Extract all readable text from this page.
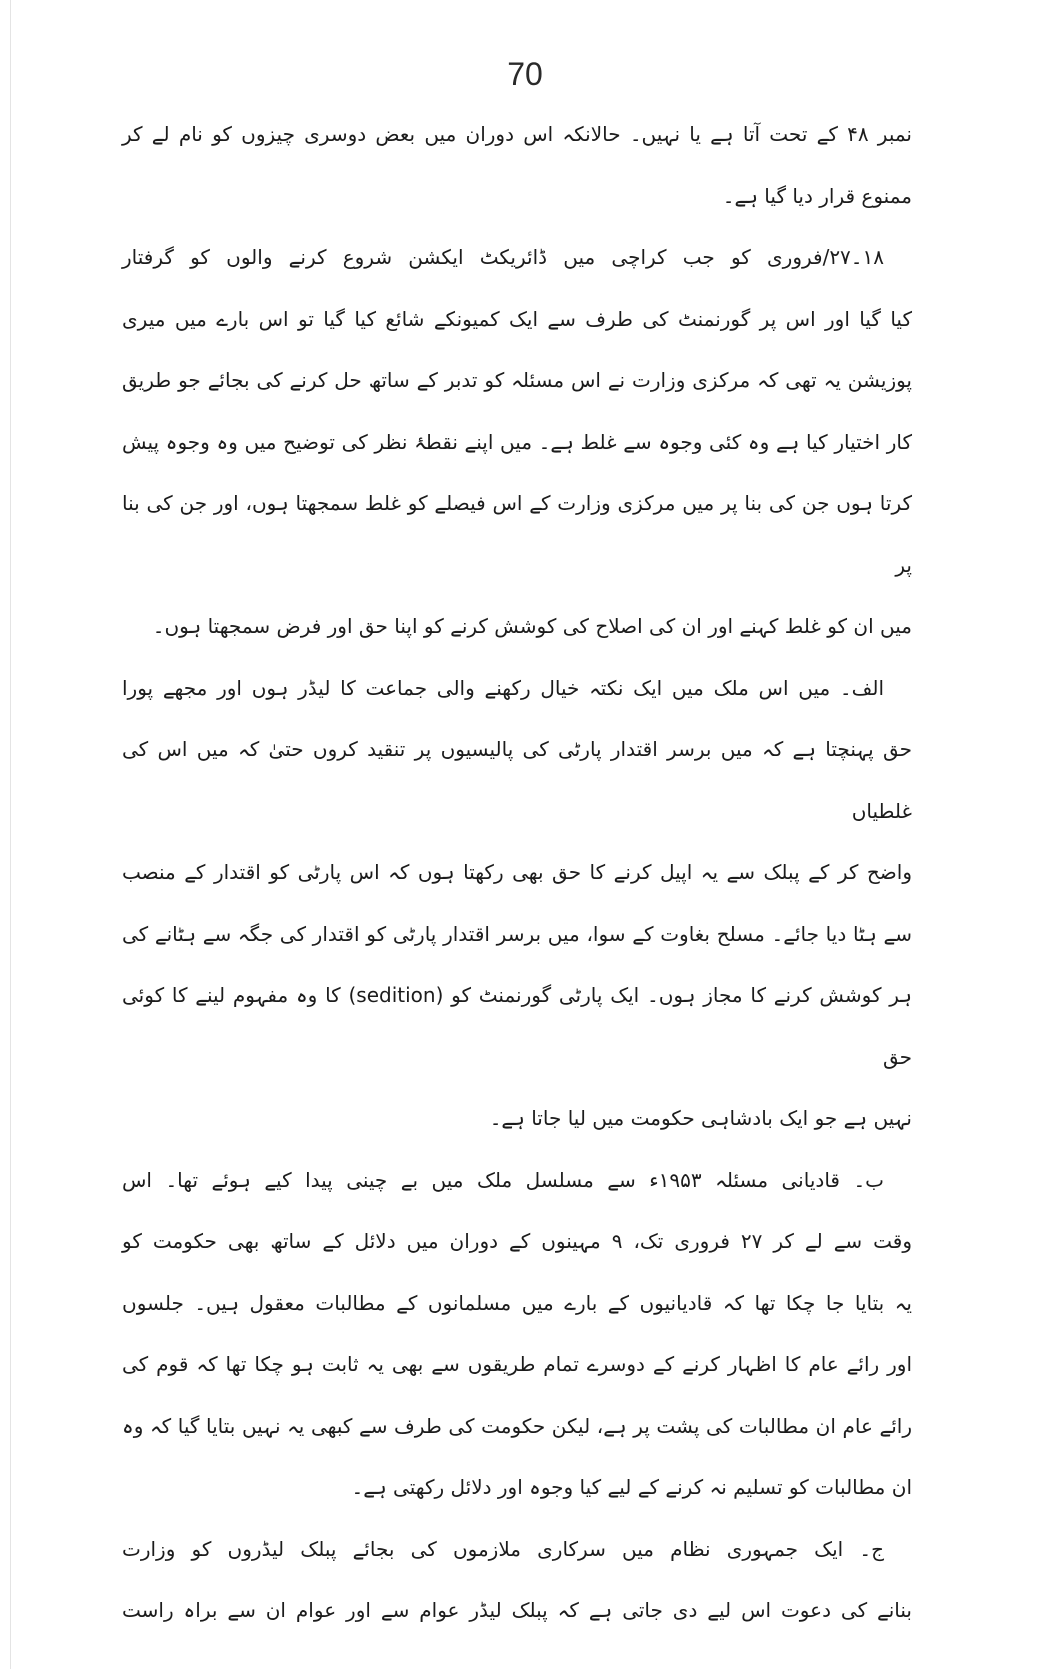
70
نمبر ۴۸ کے تحت آتا ہے یا نہیں۔ حالانکہ اس دوران میں بعض دوسری چیزوں کو نام لے کر
ممنوع قرار دیا گیا ہے۔
۱۸۔۲۷/فروری کو جب کراچی میں ڈائریکٹ ایکشن شروع کرنے والوں کو گرفتار
کیا گیا اور اس پر گورنمنٹ کی طرف سے ایک کمیونکے شائع کیا گیا تو اس بارے میں میری
پوزیشن یہ تھی کہ مرکزی وزارت نے اس مسئلہ کو تدبر کے ساتھ حل کرنے کی بجائے جو طریق
کار اختیار کیا ہے وہ کئی وجوہ سے غلط ہے۔ میں اپنے نقطۂ نظر کی توضیح میں وہ وجوہ پیش
کرتا ہوں جن کی بنا پر میں مرکزی وزارت کے اس فیصلے کو غلط سمجھتا ہوں، اور جن کی بنا پر
میں ان کو غلط کہنے اور ان کی اصلاح کی کوشش کرنے کو اپنا حق اور فرض سمجھتا ہوں۔
الف۔ میں اس ملک میں ایک نکتہ خیال رکھنے والی جماعت کا لیڈر ہوں اور مجھے پورا
حق پہنچتا ہے کہ میں برسر اقتدار پارٹی کی پالیسیوں پر تنقید کروں حتیٰ کہ میں اس کی غلطیاں
واضح کر کے پبلک سے یہ اپیل کرنے کا حق بھی رکھتا ہوں کہ اس پارٹی کو اقتدار کے منصب
سے ہٹا دیا جائے۔ مسلح بغاوت کے سوا، میں برسر اقتدار پارٹی کو اقتدار کی جگہ سے ہٹانے کی
ہر کوشش کرنے کا مجاز ہوں۔ ایک پارٹی گورنمنٹ کو (sedition) کا وہ مفہوم لینے کا کوئی حق
نہیں ہے جو ایک بادشاہی حکومت میں لیا جاتا ہے۔
ب۔ قادیانی مسئلہ ۱۹۵۳ء سے مسلسل ملک میں بے چینی پیدا کیے ہوئے تھا۔ اس
وقت سے لے کر ۲۷ فروری تک، ۹ مہینوں کے دوران میں دلائل کے ساتھ بھی حکومت کو
یہ بتایا جا چکا تھا کہ قادیانیوں کے بارے میں مسلمانوں کے مطالبات معقول ہیں۔ جلسوں
اور رائے عام کا اظہار کرنے کے دوسرے تمام طریقوں سے بھی یہ ثابت ہو چکا تھا کہ قوم کی
رائے عام ان مطالبات کی پشت پر ہے، لیکن حکومت کی طرف سے کبھی یہ نہیں بتایا گیا کہ وہ
ان مطالبات کو تسلیم نہ کرنے کے لیے کیا وجوہ اور دلائل رکھتی ہے۔
ج۔ ایک جمہوری نظام میں سرکاری ملازموں کی بجائے پبلک لیڈروں کو وزارت
بنانے کی دعوت اس لیے دی جاتی ہے کہ پبلک لیڈر عوام سے اور عوام ان سے براہ راست
